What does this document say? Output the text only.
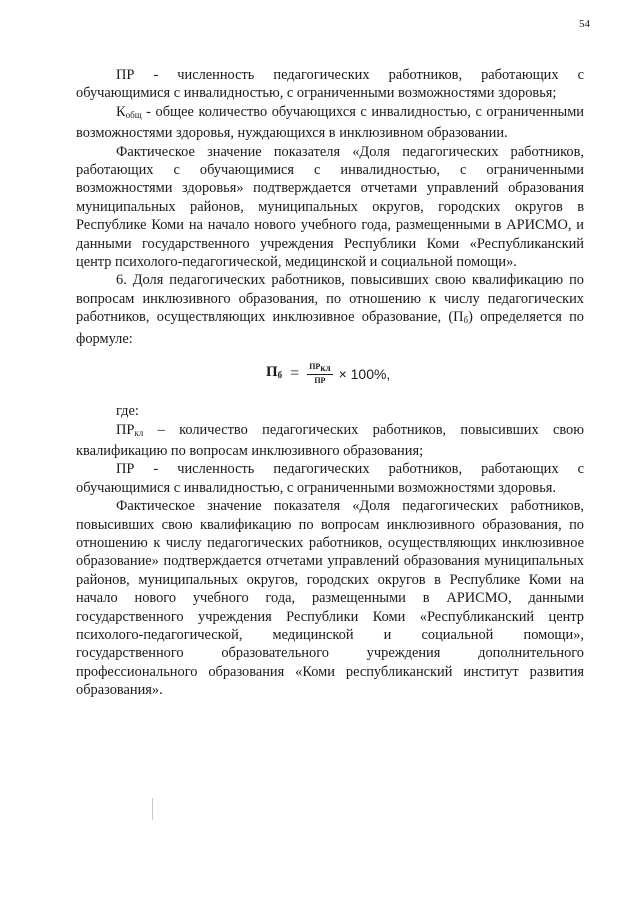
54

ПР - численность педагогических работников, работающих с обучающимися с инвалидностью, с ограниченными возможностями здоровья;

$К_{общ}$ - общее количество обучающихся с инвалидностью, с ограниченными возможностями здоровья, нуждающихся в инклюзивном образовании.

Фактическое значение показателя «Доля педагогических работников, работающих с обучающимися с инвалидностью, с ограниченными возможностями здоровья» подтверждается отчетами управлений образования муниципальных районов, муниципальных округов, городских округов в Республике Коми на начало нового учебного года, размещенными в АРИСМО, и данными государственного учреждения Республики Коми «Республиканский центр психолого-педагогической, медицинской и социальной помощи».

6. Доля педагогических работников, повысивших свою квалификацию по вопросам инклюзивного образования, по отношению к числу педагогических работников, осуществляющих инклюзивное образование, $(П_б)$ определяется по формуле:

$П_б = \frac{\text{ПРкл}}{ПР} \times 100\%$,
где:

$ПР_{кл}$ – количество педагогических работников, повысивших свою квалификацию по вопросам инклюзивного образования;

ПР - численность педагогических работников, работающих с обучающимися с инвалидностью, с ограниченными возможностями здоровья.

Фактическое значение показателя «Доля педагогических работников, повысивших свою квалификацию по вопросам инклюзивного образования, по отношению к числу педагогических работников, осуществляющих инклюзивное образование» подтверждается отчетами управлений образования муниципальных районов, муниципальных округов, городских округов в Республике Коми на начало нового учебного года, размещенными в АРИСМО, данными государственного учреждения Республики Коми «Республиканский центр психолого-педагогической, медицинской и социальной помощи», государственного образовательного учреждения дополнительного профессионального образования «Коми республиканский институт развития образования».
